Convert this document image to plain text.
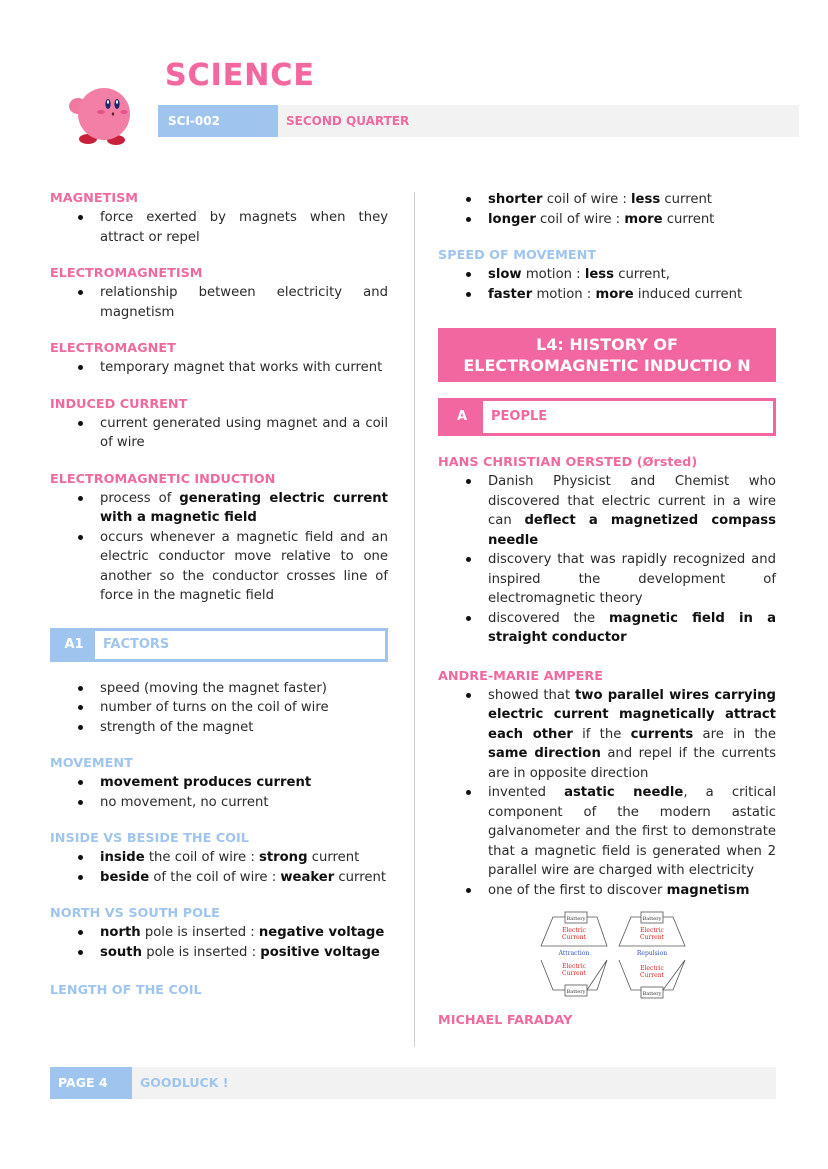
SCIENCE
SCI-002	SECOND QUARTER
MAGNETISM
force exerted by magnets when they attract or repel
ELECTROMAGNETISM
relationship between electricity and magnetism
ELECTROMAGNET
temporary magnet that works with current
INDUCED CURRENT
current generated using magnet and a coil of wire
ELECTROMAGNETIC INDUCTION
process of generating electric current with a magnetic field
occurs whenever a magnetic field and an electric conductor move relative to one another so the conductor crosses line of force in the magnetic field
A1	FACTORS
speed (moving the magnet faster)
number of turns on the coil of wire
strength of the magnet
MOVEMENT
movement produces current
no movement, no current
INSIDE VS BESIDE THE COIL
inside the coil of wire : strong current
beside of the coil of wire : weaker current
NORTH VS SOUTH POLE
north pole is inserted : negative voltage
south pole is inserted : positive voltage
LENGTH OF THE COIL
shorter coil of wire : less current
longer coil of wire : more current
SPEED OF MOVEMENT
slow motion : less current,
faster motion : more induced current
L4: HISTORY OF ELECTROMAGNETIC INDUCTIO N
A	PEOPLE
HANS CHRISTIAN OERSTED (Ørsted)
Danish Physicist and Chemist who discovered that electric current in a wire can deflect a magnetized compass needle
discovery that was rapidly recognized and inspired the development of electromagnetic theory
discovered the magnetic field in a straight conductor
ANDRE-MARIE AMPERE
showed that two parallel wires carrying electric current magnetically attract each other if the currents are in the same direction and repel if the currents are in opposite direction
invented astatic needle, a critical component of the modern astatic galvanometer and the first to demonstrate that a magnetic field is generated when 2 parallel wire are charged with electricity
one of the first to discover magnetism
Battery
Electric
Current
Attraction
Electric
Current
Battery
Battery
Electric
Current
Repulsion
Electric
Current
Battery
MICHAEL FARADAY
PAGE 4	GOODLUCK !
